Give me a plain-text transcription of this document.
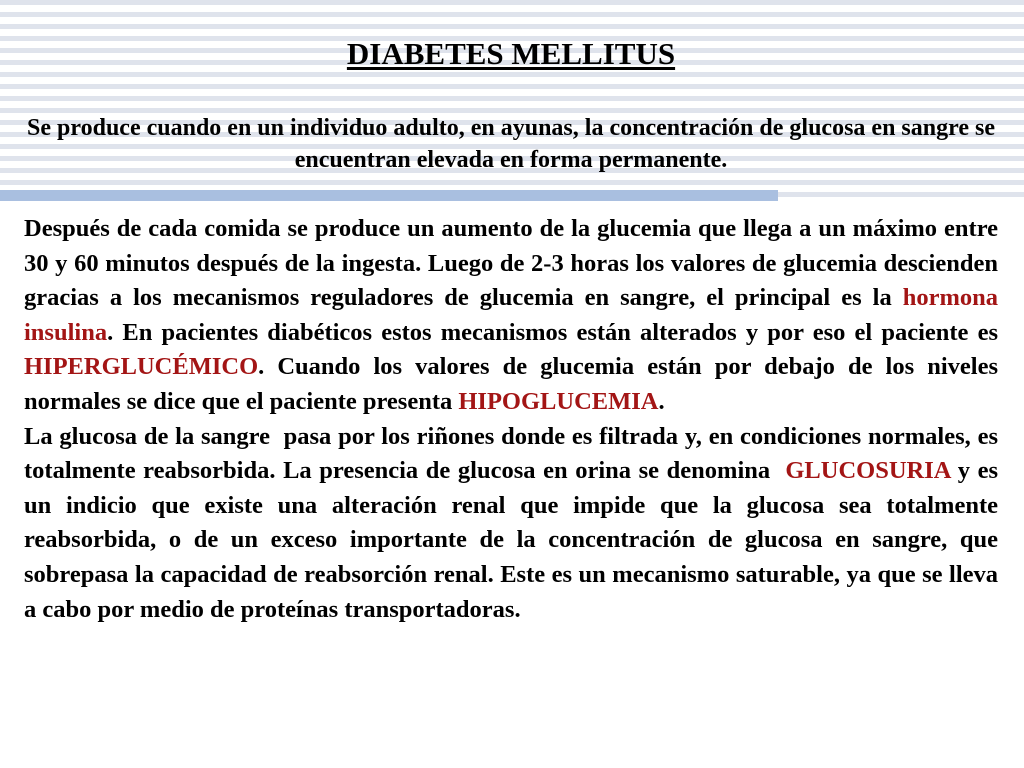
DIABETES MELLITUS

Se produce cuando en un individuo adulto, en ayunas, la concentración de glucosa en sangre se encuentran elevada en forma permanente.

Después de cada comida se produce un aumento de la glucemia que llega a un máximo entre 30 y 60 minutos después de la ingesta. Luego de 2-3 horas los valores de glucemia descienden gracias a los mecanismos reguladores de glucemia en sangre, el principal es la hormona insulina. En pacientes diabéticos estos mecanismos están alterados y por eso el paciente es HIPERGLUCÉMICO. Cuando los valores de glucemia están por debajo de los niveles normales se dice que el paciente presenta HIPOGLUCEMIA.

La glucosa de la sangre  pasa por los riñones donde es filtrada y, en condiciones normales, es totalmente reabsorbida. La presencia de glucosa en orina se denomina  GLUCOSURIA y es un indicio que existe una alteración renal que impide que la glucosa sea totalmente reabsorbida, o de un exceso importante de la concentración de glucosa en sangre, que sobrepasa la capacidad de reabsorción renal. Este es un mecanismo saturable, ya que se lleva a cabo por medio de proteínas transportadoras.
